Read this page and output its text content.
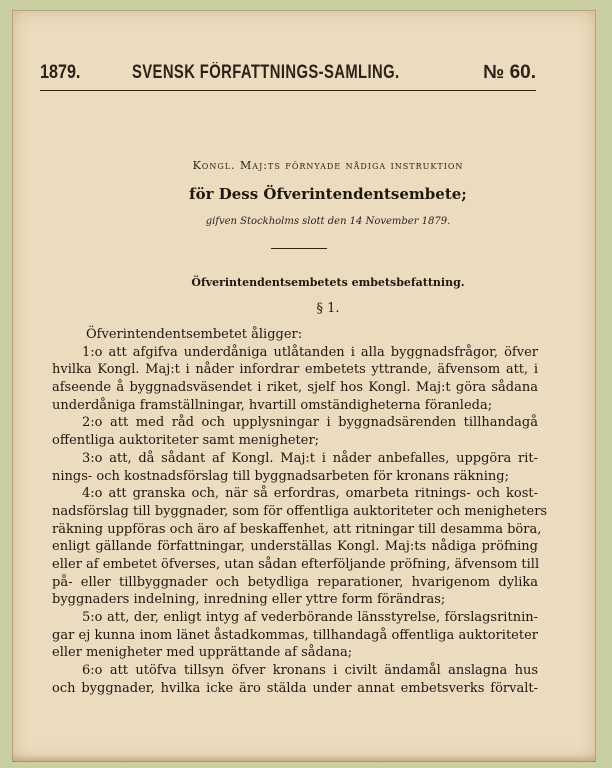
1879.	SVENSK FÖRFATTNINGS-SAMLING.	№ 60.
Kongl. Maj:ts förnyade nådiga instruktion
för Dess Öfverintendentsembete;
gifven Stockholms slott den 14 November 1879.
Öfverintendentsembetets embetsbefattning.
§ 1.
Öfverintendentsembetet åligger:
1:o att afgifva underdåniga utlåtanden i alla byggnadsfrågor, öfver
hvilka Kongl. Maj:t i nåder infordrar embetets yttrande, äfvensom att, i
afseende å byggnadsväsendet i riket, sjelf hos Kongl. Maj:t göra sådana
underdåniga framställningar, hvartill omständigheterna föranleda;
2:o att med råd och upplysningar i byggnadsärenden tillhandagå
offentliga auktoriteter samt menigheter;
3:o att, då sådant af Kongl. Maj:t i nåder anbefalles, uppgöra rit-
nings- och kostnadsförslag till byggnadsarbeten för kronans räkning;
4:o att granska och, när så erfordras, omarbeta ritnings- och kost-
nadsförslag till byggnader, som för offentliga auktoriteter och menigheters
räkning uppföras och äro af beskaffenhet, att ritningar till desamma böra,
enligt gällande författningar, underställas Kongl. Maj:ts nådiga pröfning
eller af embetet öfverses, utan sådan efterföljande pröfning, äfvensom till
på- eller tillbyggnader och betydliga reparationer, hvarigenom dylika
byggnaders indelning, inredning eller yttre form förändras;
5:o att, der, enligt intyg af vederbörande länsstyrelse, förslagsritnin-
gar ej kunna inom länet åstadkommas, tillhandagå offentliga auktoriteter
eller menigheter med upprättande af sådana;
6:o att utöfva tillsyn öfver kronans i civilt ändamål anslagna hus
och byggnader, hvilka icke äro stälda under annat embetsverks förvalt-
